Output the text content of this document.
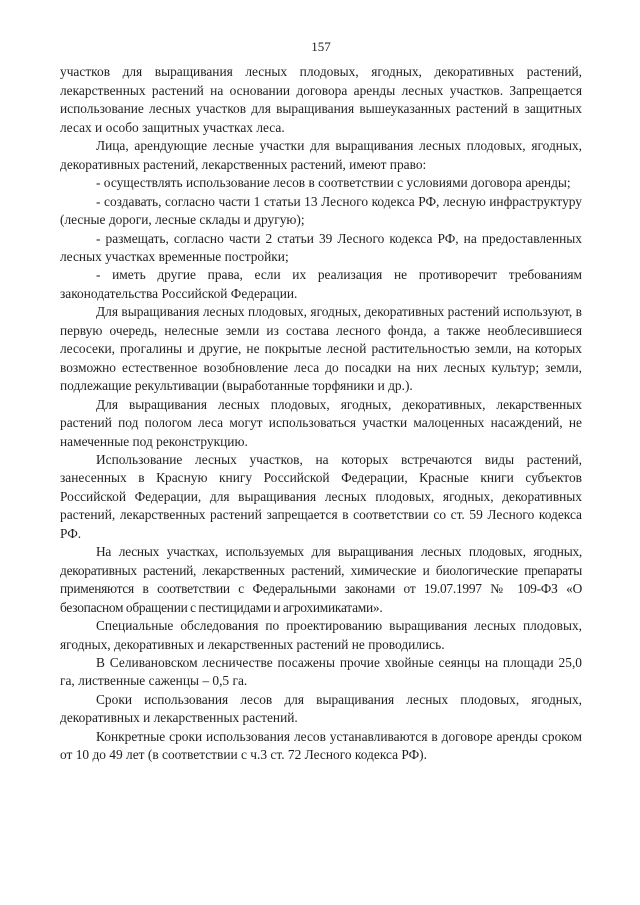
157

участков для выращивания лесных плодовых, ягодных, декоративных растений, лекарственных растений на основании договора аренды лесных участков. Запрещается использование лесных участков для выращивания вышеуказанных растений в защитных лесах и особо защитных участках леса.

Лица, арендующие лесные участки для выращивания лесных плодовых, ягодных, декоративных растений, лекарственных растений, имеют право:

- осуществлять использование лесов в соответствии с условиями договора аренды;

- создавать, согласно части 1 статьи 13 Лесного кодекса РФ, лесную инфраструктуру (лесные дороги, лесные склады и другую);

- размещать, согласно части 2 статьи 39 Лесного кодекса РФ, на предоставленных лесных участках временные постройки;

- иметь другие права, если их реализация не противоречит требованиям законодательства Российской Федерации.

Для выращивания лесных плодовых, ягодных, декоративных растений используют, в первую очередь, нелесные земли из состава лесного фонда, а также необлесившиеся лесосеки, прогалины и другие, не покрытые лесной растительностью земли, на которых возможно естественное возобновление леса до посадки на них лесных культур; земли, подлежащие рекультивации (выработанные торфяники и др.).

Для выращивания лесных плодовых, ягодных, декоративных, лекарственных растений под пологом леса могут использоваться участки малоценных насаждений, не намеченные под реконструкцию.

Использование лесных участков, на которых встречаются виды растений, занесенных в Красную книгу Российской Федерации, Красные книги субъектов Российской Федерации, для выращивания лесных плодовых, ягодных, декоративных растений, лекарственных растений запрещается в соответствии со ст. 59 Лесного кодекса РФ.

На лесных участках, используемых для выращивания лесных плодовых, ягодных, декоративных растений, лекарственных растений, химические и биологические препараты применяются в соответствии с Федеральными законами от 19.07.1997 № 109-ФЗ «О безопасном обращении с пестицидами и агрохимикатами».

Специальные обследования по проектированию выращивания лесных плодовых, ягодных, декоративных и лекарственных растений не проводились.

В Селивановском лесничестве посажены прочие хвойные сеянцы на площади 25,0 га, лиственные саженцы – 0,5 га.

Сроки использования лесов для выращивания лесных плодовых, ягодных, декоративных и лекарственных растений.

Конкретные сроки использования лесов устанавливаются в договоре аренды сроком от 10 до 49 лет (в соответствии с ч.3 ст. 72 Лесного кодекса РФ).
